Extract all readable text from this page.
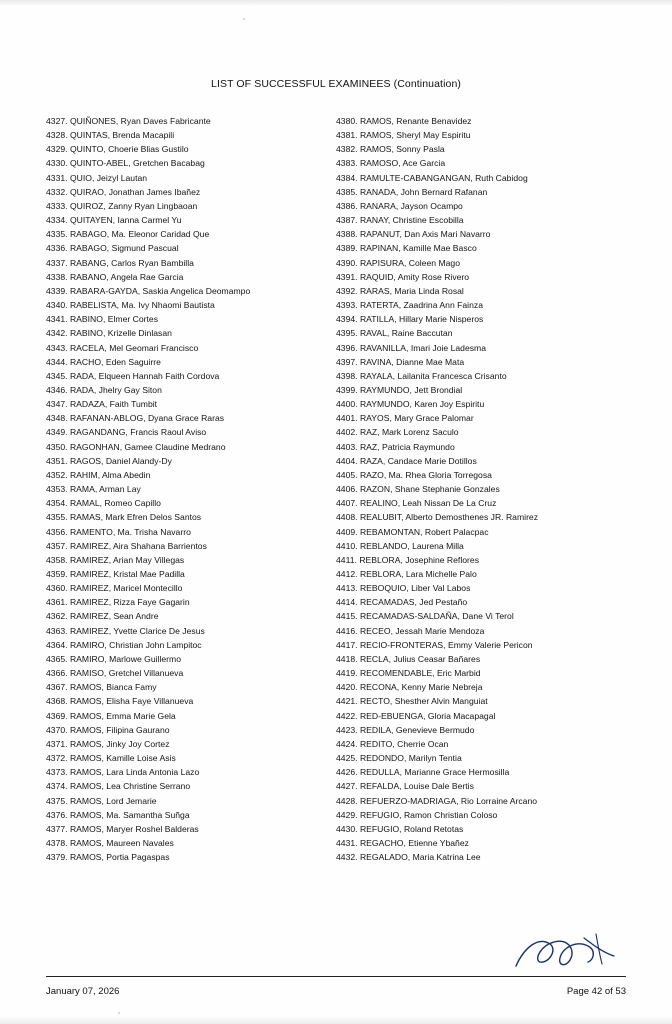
LIST OF SUCCESSFUL EXAMINEES (Continuation)
4327. QUIÑONES, Ryan Daves Fabricante
4328. QUINTAS, Brenda Macapili
4329. QUINTO, Choerie Blias Gustilo
4330. QUINTO-ABEL, Gretchen Bacabag
4331. QUIO, Jeizyl Lautan
4332. QUIRAO, Jonathan James Ibañez
4333. QUIROZ, Zanny Ryan Lingbaoan
4334. QUITAYEN, Ianna Carmel Yu
4335. RABAGO, Ma. Eleonor Caridad Que
4336. RABAGO, Sigmund Pascual
4337. RABANG, Carlos Ryan Bambilla
4338. RABANO, Angela Rae Garcia
4339. RABARA-GAYDA, Saskia Angelica Deomampo
4340. RABELISTA, Ma. Ivy Nhaomi Bautista
4341. RABINO, Elmer Cortes
4342. RABINO, Krizelle Dinlasan
4343. RACELA, Mel Geomari Francisco
4344. RACHO, Eden Saguirre
4345. RADA, Elqueen Hannah Faith Cordova
4346. RADA, Jhelry Gay Siton
4347. RADAZA, Faith Tumbit
4348. RAFANAN-ABLOG, Dyana Grace Raras
4349. RAGANDANG, Francis Raoul Aviso
4350. RAGONHAN, Gamee Claudine Medrano
4351. RAGOS, Daniel Alandy-Dy
4352. RAHIM, Alma Abedin
4353. RAMA, Arman Lay
4354. RAMAL, Romeo Capillo
4355. RAMAS, Mark Efren Delos Santos
4356. RAMENTO, Ma. Trisha Navarro
4357. RAMIREZ, Aira Shahana Barrientos
4358. RAMIREZ, Arian May Villegas
4359. RAMIREZ, Kristal Mae Padilla
4360. RAMIREZ, Maricel Montecillo
4361. RAMIREZ, Rizza Faye Gagarin
4362. RAMIREZ, Sean Andre
4363. RAMIREZ, Yvette Clarice De Jesus
4364. RAMIRO, Christian John Lampitoc
4365. RAMIRO, Marlowe Guillermo
4366. RAMISO, Gretchel Villanueva
4367. RAMOS, Bianca Famy
4368. RAMOS, Elisha Faye Villanueva
4369. RAMOS, Emma Marie Gela
4370. RAMOS, Filipina Gaurano
4371. RAMOS, Jinky Joy Cortez
4372. RAMOS, Kamille Loise Asis
4373. RAMOS, Lara Linda Antonia Lazo
4374. RAMOS, Lea Christine Serrano
4375. RAMOS, Lord Jemarie
4376. RAMOS, Ma. Samantha Suñga
4377. RAMOS, Maryer Roshel Balderas
4378. RAMOS, Maureen Navales
4379. RAMOS, Portia Pagaspas
4380. RAMOS, Renante Benavidez
4381. RAMOS, Sheryl May Espiritu
4382. RAMOS, Sonny Pasla
4383. RAMOSO, Ace Garcia
4384. RAMULTE-CABANGANGAN, Ruth Cabidog
4385. RANADA, John Bernard Rafanan
4386. RANARA, Jayson Ocampo
4387. RANAY, Christine Escobilla
4388. RAPANUT, Dan Axis Mari Navarro
4389. RAPINAN, Kamille Mae Basco
4390. RAPISURA, Coleen Mago
4391. RAQUID, Amity Rose Rivero
4392. RARAS, Maria Linda Rosal
4393. RATERTA, Zaadrina Ann Fainza
4394. RATILLA, Hillary Marie Nisperos
4395. RAVAL, Raine Baccutan
4396. RAVANILLA, Imari Joie Ladesma
4397. RAVINA, Dianne Mae Mata
4398. RAYALA, Lailanita Francesca Crisanto
4399. RAYMUNDO, Jett Brondial
4400. RAYMUNDO, Karen Joy Espiritu
4401. RAYOS, Mary Grace Palomar
4402. RAZ, Mark Lorenz Saculo
4403. RAZ, Patricia Raymundo
4404. RAZA, Candace Marie Dotillos
4405. RAZO, Ma. Rhea Gloria Torregosa
4406. RAZON, Shane Stephanie Gonzales
4407. REALINO, Leah Nissan De La Cruz
4408. REALUBIT, Alberto Demosthenes JR. Ramirez
4409. REBAMONTAN, Robert Palacpac
4410. REBLANDO, Laurena Milla
4411. REBLORA, Josephine Reflores
4412. REBLORA, Lara Michelle Palo
4413. REBOQUIO, Liber Val Labos
4414. RECAMADAS, Jed Pestaño
4415. RECAMADAS-SALDAÑA, Dane Vi Terol
4416. RECEO, Jessah Marie Mendoza
4417. RECIO-FRONTERAS, Emmy Valerie Pericon
4418. RECLA, Julius Ceasar Bañares
4419. RECOMENDABLE, Eric Marbid
4420. RECONA, Kenny Marie Nebreja
4421. RECTO, Shesther Alvin Manguiat
4422. RED-EBUENGA, Gloria Macapagal
4423. REDILA, Genevieve Bermudo
4424. REDITO, Cherrie Ocan
4425. REDONDO, Marilyn Tentia
4426. REDULLA, Marianne Grace Hermosilla
4427. REFALDA, Louise Dale Bertis
4428. REFUERZO-MADRIAGA, Rio Lorraine Arcano
4429. REFUGIO, Ramon Christian Coloso
4430. REFUGIO, Roland Retotas
4431. REGACHO, Etienne Ybañez
4432. REGALADO, Maria Katrina Lee
January 07, 2026	Page 42 of 53
